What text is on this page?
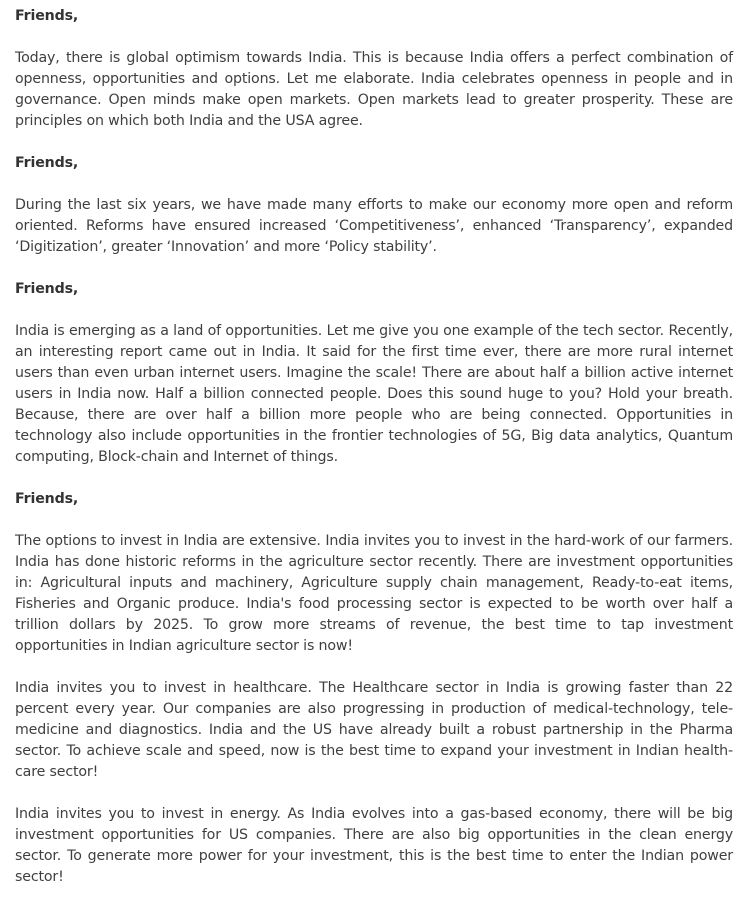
Friends,

Today, there is global optimism towards India. This is because India offers a perfect combination of openness, opportunities and options. Let me elaborate. India celebrates openness in people and in governance. Open minds make open markets. Open markets lead to greater prosperity. These are principles on which both India and the USA agree.

Friends,

During the last six years, we have made many efforts to make our economy more open and reform oriented. Reforms have ensured increased ‘Competitiveness’, enhanced ‘Transparency’, expanded ‘Digitization’, greater ‘Innovation’ and more ‘Policy stability’.

Friends,

India is emerging as a land of opportunities. Let me give you one example of the tech sector. Recently, an interesting report came out in India. It said for the first time ever, there are more rural internet users than even urban internet users. Imagine the scale! There are about half a billion active internet users in India now. Half a billion connected people. Does this sound huge to you? Hold your breath. Because, there are over half a billion more people who are being connected. Opportunities in technology also include opportunities in the frontier technologies of 5G, Big data analytics, Quantum computing, Block-chain and Internet of things.

Friends,

The options to invest in India are extensive. India invites you to invest in the hard-work of our farmers. India has done historic reforms in the agriculture sector recently. There are investment opportunities in: Agricultural inputs and machinery, Agriculture supply chain management, Ready-to-eat items, Fisheries and Organic produce. India's food processing sector is expected to be worth over half a trillion dollars by 2025. To grow more streams of revenue, the best time to tap investment opportunities in Indian agriculture sector is now!

India invites you to invest in healthcare. The Healthcare sector in India is growing faster than 22 percent every year. Our companies are also progressing in production of medical-technology, tele-medicine and diagnostics. India and the US have already built a robust partnership in the Pharma sector. To achieve scale and speed, now is the best time to expand your investment in Indian health-care sector!

India invites you to invest in energy. As India evolves into a gas-based economy, there will be big investment opportunities for US companies. There are also big opportunities in the clean energy sector. To generate more power for your investment, this is the best time to enter the Indian power sector!
